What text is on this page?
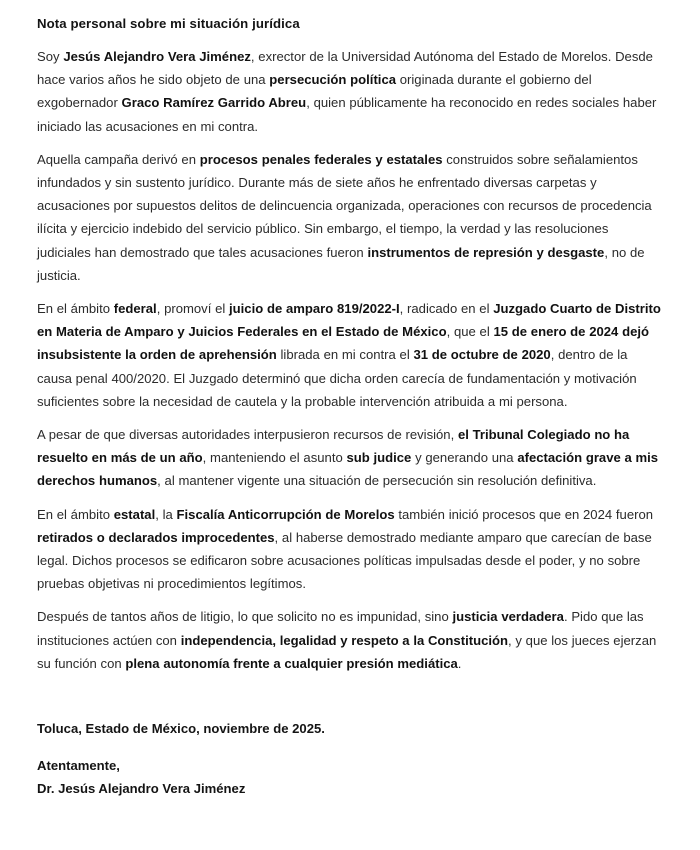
Nota personal sobre mi situación jurídica
Soy Jesús Alejandro Vera Jiménez, exrector de la Universidad Autónoma del Estado de Morelos. Desde hace varios años he sido objeto de una persecución política originada durante el gobierno del exgobernador Graco Ramírez Garrido Abreu, quien públicamente ha reconocido en redes sociales haber iniciado las acusaciones en mi contra.
Aquella campaña derivó en procesos penales federales y estatales construidos sobre señalamientos infundados y sin sustento jurídico. Durante más de siete años he enfrentado diversas carpetas y acusaciones por supuestos delitos de delincuencia organizada, operaciones con recursos de procedencia ilícita y ejercicio indebido del servicio público. Sin embargo, el tiempo, la verdad y las resoluciones judiciales han demostrado que tales acusaciones fueron instrumentos de represión y desgaste, no de justicia.
En el ámbito federal, promoví el juicio de amparo 819/2022-I, radicado en el Juzgado Cuarto de Distrito en Materia de Amparo y Juicios Federales en el Estado de México, que el 15 de enero de 2024 dejó insubsistente la orden de aprehensión librada en mi contra el 31 de octubre de 2020, dentro de la causa penal 400/2020. El Juzgado determinó que dicha orden carecía de fundamentación y motivación suficientes sobre la necesidad de cautela y la probable intervención atribuida a mi persona.
A pesar de que diversas autoridades interpusieron recursos de revisión, el Tribunal Colegiado no ha resuelto en más de un año, manteniendo el asunto sub judice y generando una afectación grave a mis derechos humanos, al mantener vigente una situación de persecución sin resolución definitiva.
En el ámbito estatal, la Fiscalía Anticorrupción de Morelos también inició procesos que en 2024 fueron retirados o declarados improcedentes, al haberse demostrado mediante amparo que carecían de base legal. Dichos procesos se edificaron sobre acusaciones políticas impulsadas desde el poder, y no sobre pruebas objetivas ni procedimientos legítimos.
Después de tantos años de litigio, lo que solicito no es impunidad, sino justicia verdadera. Pido que las instituciones actúen con independencia, legalidad y respeto a la Constitución, y que los jueces ejerzan su función con plena autonomía frente a cualquier presión mediática.
Toluca, Estado de México, noviembre de 2025.
Atentamente,
Dr. Jesús Alejandro Vera Jiménez
